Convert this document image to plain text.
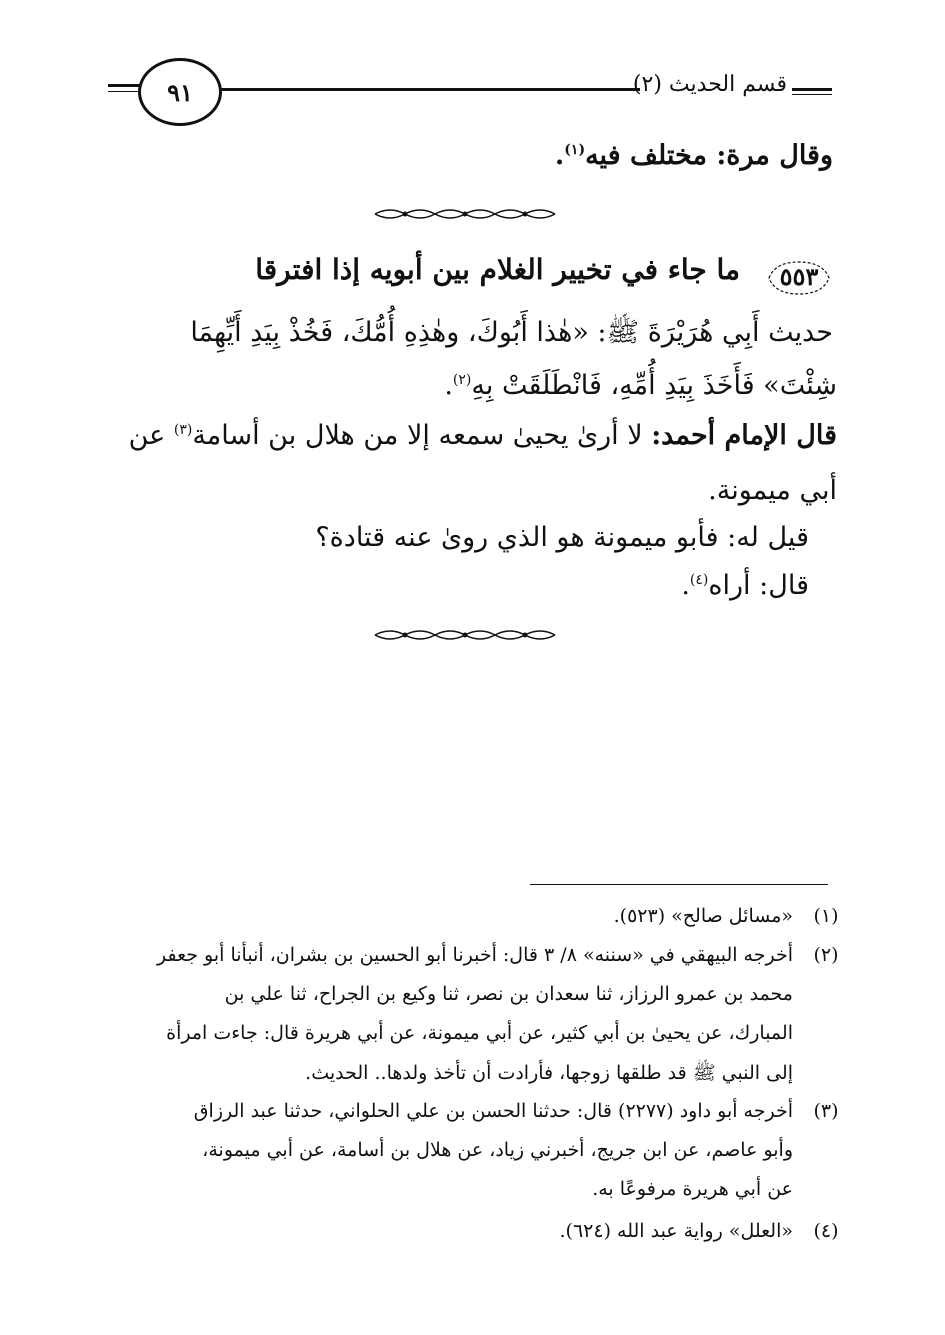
٩١	قسم الحديث (٢)
وقال مرة: مختلف فيه$^{(١)}$.
٥٥٣
ما جاء في تخيير الغلام بين أبويه إذا افترقا
حديث أَبِي هُرَيْرَةَ ﷺ: «هٰذا أَبُوكَ، وهٰذِهِ أُمُّكَ، فَخُذْ بِيَدِ أَيِّهِمَا
شِئْتَ» فَأَخَذَ بِيَدِ أُمِّهِ، فَانْطَلَقَتْ بِهِ$^{(٢)}$.
قال الإمام أحمد: لا أرىٰ يحيىٰ سمعه إلا من هلال بن أسامة$^{(٣)}$ عن
أبي ميمونة.
قيل له: فأبو ميمونة هو الذي روىٰ عنه قتادة؟
قال: أراه$^{(٤)}$.
(١)
«مسائل صالح» (٥٢٣).
(٢)
أخرجه البيهقي في «سننه» ٨/ ٣ قال: أخبرنا أبو الحسين بن بشران، أنبأنا أبو جعفر
محمد بن عمرو الرزاز، ثنا سعدان بن نصر، ثنا وكيع بن الجراح، ثنا علي بن
المبارك، عن يحيىٰ بن أبي كثير، عن أبي ميمونة، عن أبي هريرة قال: جاءت امرأة
إلى النبي ﷺ قد طلقها زوجها، فأرادت أن تأخذ ولدها.. الحديث.
(٣)
أخرجه أبو داود (٢٢٧٧) قال: حدثنا الحسن بن علي الحلواني، حدثنا عبد الرزاق
وأبو عاصم، عن ابن جريج، أخبرني زياد، عن هلال بن أسامة، عن أبي ميمونة،
عن أبي هريرة مرفوعًا به.
(٤)
«العلل» رواية عبد الله (٦٢٤).
